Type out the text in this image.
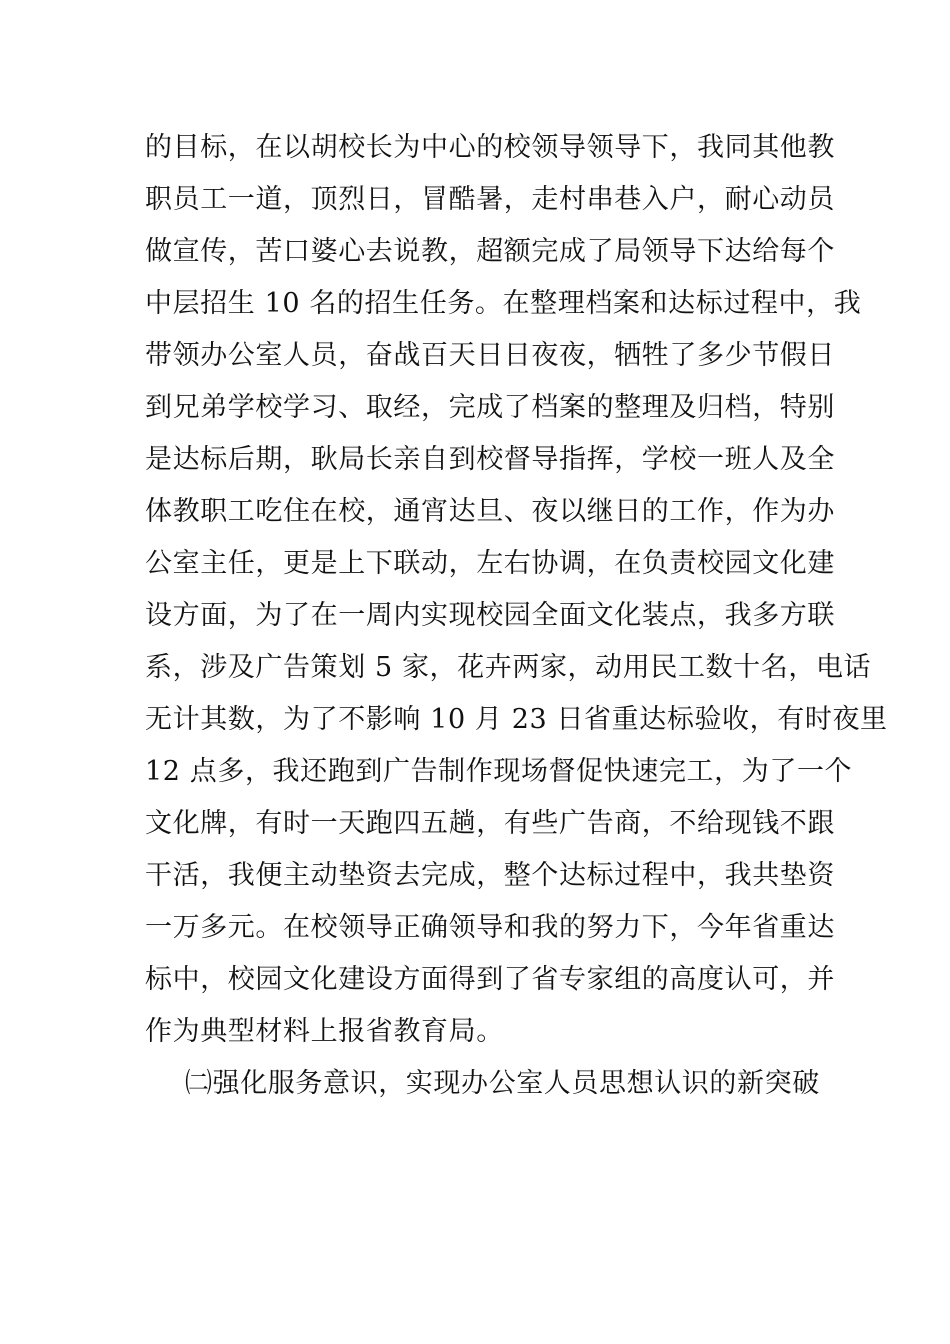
的目标，在以胡校长为中心的校领导领导下，我同其他教
职员工一道，顶烈日，冒酷暑，走村串巷入户，耐心动员
做宣传，苦口婆心去说教，超额完成了局领导下达给每个
中层招生 10 名的招生任务。在整理档案和达标过程中，我
带领办公室人员，奋战百天日日夜夜，牺牲了多少节假日
到兄弟学校学习、取经，完成了档案的整理及归档，特别
是达标后期，耿局长亲自到校督导指挥，学校一班人及全
体教职工吃住在校，通宵达旦、夜以继日的工作，作为办
公室主任，更是上下联动，左右协调，在负责校园文化建
设方面，为了在一周内实现校园全面文化装点，我多方联
系，涉及广告策划 5 家，花卉两家，动用民工数十名，电话
无计其数，为了不影响 10 月 23 日省重达标验收，有时夜里
12 点多，我还跑到广告制作现场督促快速完工，为了一个
文化牌，有时一天跑四五趟，有些广告商，不给现钱不跟
干活，我便主动垫资去完成，整个达标过程中，我共垫资
一万多元。在校领导正确领导和我的努力下，今年省重达
标中，校园文化建设方面得到了省专家组的高度认可，并
作为典型材料上报省教育局。
㈡强化服务意识，实现办公室人员思想认识的新突破
